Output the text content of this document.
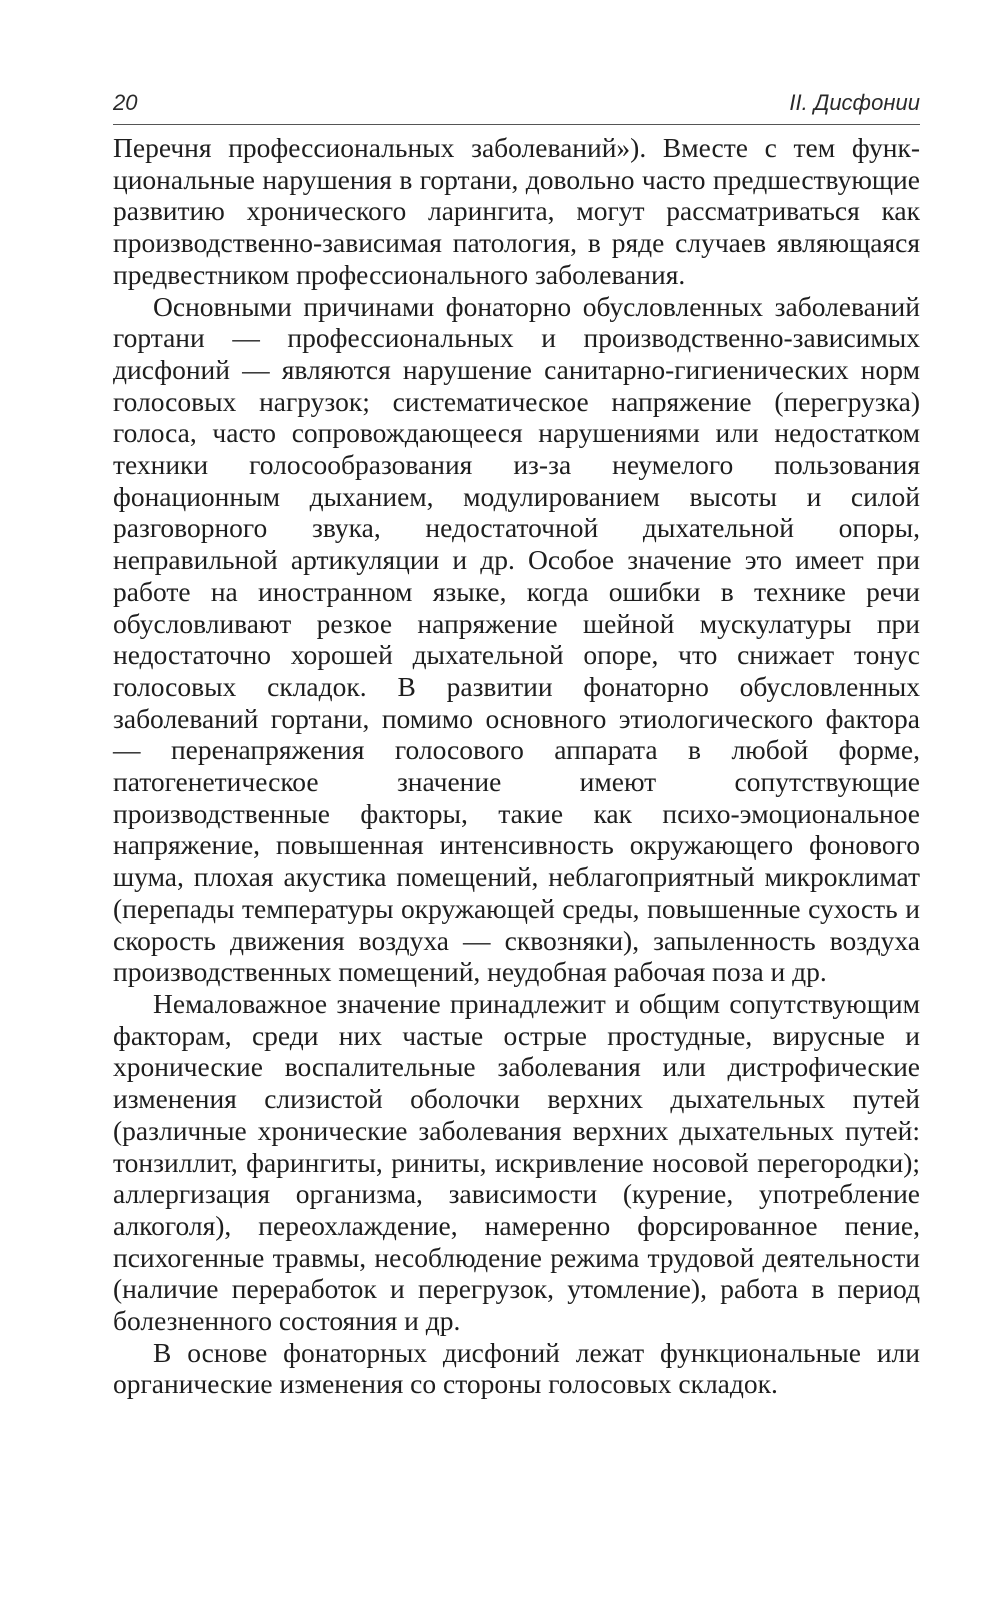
20	II. Дисфонии

Перечня профессиональных заболеваний»). Вместе с тем функциональные нарушения в гортани, довольно часто предшествующие развитию хронического ларингита, могут рассматриваться как производственно-зависимая патология, в ряде случаев являющаяся предвестником профессионального заболевания.

Основными причинами фонаторно обусловленных заболеваний гортани — профессиональных и производственно-зависимых дисфоний — являются нарушение санитарно-гигиенических норм голосовых нагрузок; систематическое напряжение (перегрузка) голоса, часто сопровождающееся нарушениями или недостатком техники голосообразования из-за неумелого пользования фонационным дыханием, модулированием высоты и силой разговорного звука, недостаточной дыхательной опоры, неправильной артикуляции и др. Особое значение это имеет при работе на иностранном языке, когда ошибки в технике речи обусловливают резкое напряжение шейной мускулатуры при недостаточно хорошей дыхательной опоре, что снижает тонус голосовых складок. В развитии фонаторно обусловленных заболеваний гортани, помимо основного этиологического фактора — перенапряжения голосового аппарата в любой форме, патогенетическое значение имеют сопутствующие производственные факторы, такие как психо-эмоциональное напряжение, повышенная интенсивность окружающего фонового шума, плохая акустика помещений, неблагоприятный микроклимат (перепады температуры окружающей среды, повышенные сухость и скорость движения воздуха — сквозняки), запыленность воздуха производственных помещений, неудобная рабочая поза и др.

Немаловажное значение принадлежит и общим сопутствующим факторам, среди них частые острые простудные, вирусные и хронические воспалительные заболевания или дистрофические изменения слизистой оболочки верхних дыхательных путей (различные хронические заболевания верхних дыхательных путей: тонзиллит, фарингиты, риниты, искривление носовой перегородки); аллергизация организма, зависимости (курение, употребление алкоголя), переохлаждение, намеренно форсированное пение, психогенные травмы, несоблюдение режима трудовой деятельности (наличие переработок и перегрузок, утомление), работа в период болезненного состояния и др.

В основе фонаторных дисфоний лежат функциональные или органические изменения со стороны голосовых складок.
